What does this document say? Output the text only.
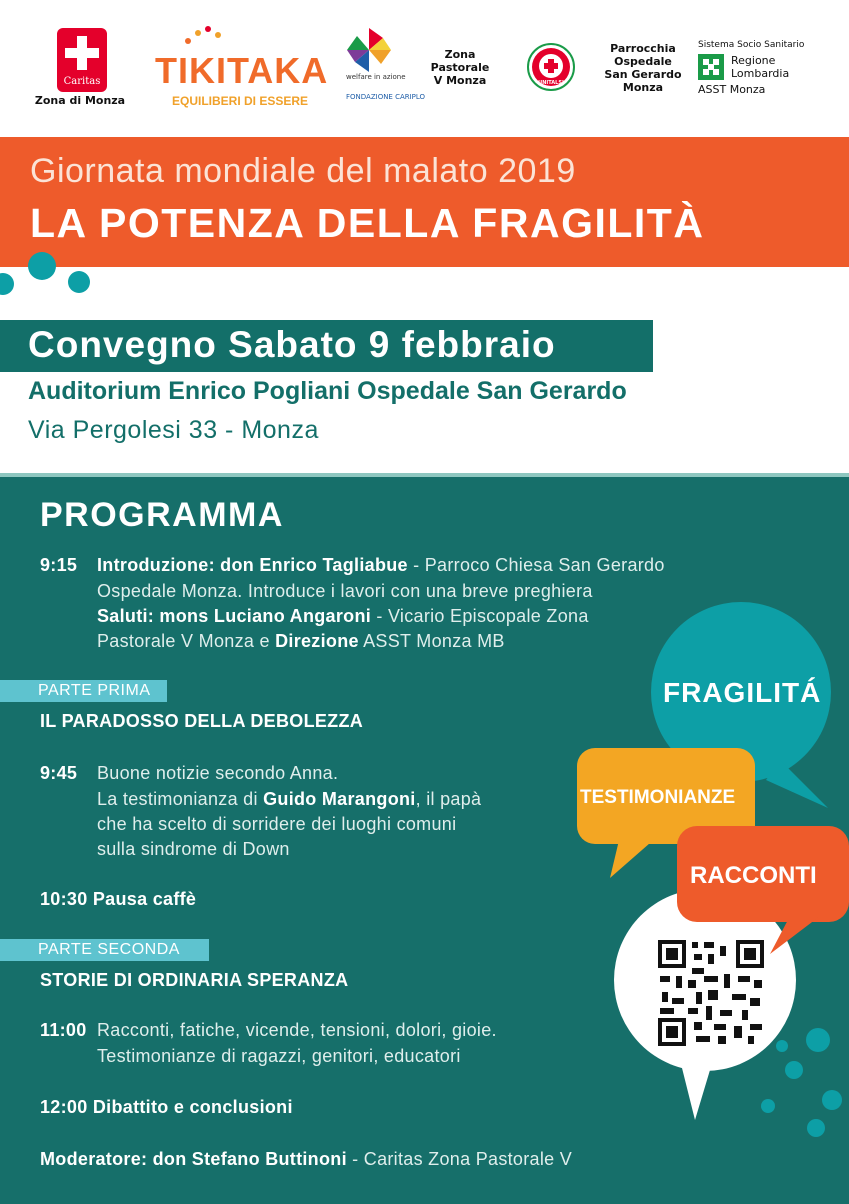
Caritas
Zona di Monza
TIKITAKA
EQUILIBERI DI ESSERE
welfare in azione
FONDAZIONE CARIPLO
Zona
Pastorale
V Monza	UNITALSI
Parrocchia
Ospedale
San Gerardo
Monza
Sistema Socio Sanitario
Regione
Lombardia
ASST Monza
Giornata mondiale del malato 2019
LA POTENZA DELLA FRAGILITÀ
Convegno Sabato 9 febbraio
Auditorium Enrico Pogliani Ospedale San Gerardo
Via Pergolesi 33 - Monza
PROGRAMMA
9:15 Introduzione: don Enrico Tagliabue - Parroco Chiesa San Gerardo
Ospedale Monza. Introduce i lavori con una breve preghiera
Saluti: mons Luciano Angaroni - Vicario Episcopale Zona
Pastorale V Monza e Direzione ASST Monza MB
PARTE PRIMA
IL PARADOSSO DELLA DEBOLEZZA
9:45 Buone notizie secondo Anna.
La testimonianza di Guido Marangoni, il papà
che ha scelto di sorridere dei luoghi comuni
sulla sindrome di Down
10:30 Pausa caffè
PARTE SECONDA
STORIE DI ORDINARIA SPERANZA
11:00 Racconti, fatiche, vicende, tensioni, dolori, gioie.
Testimonianze di ragazzi, genitori, educatori
12:00 Dibattito e conclusioni
Moderatore: don Stefano Buttinoni - Caritas Zona Pastorale V
FRAGILITÁ
TESTIMONIANZE
RACCONTI
